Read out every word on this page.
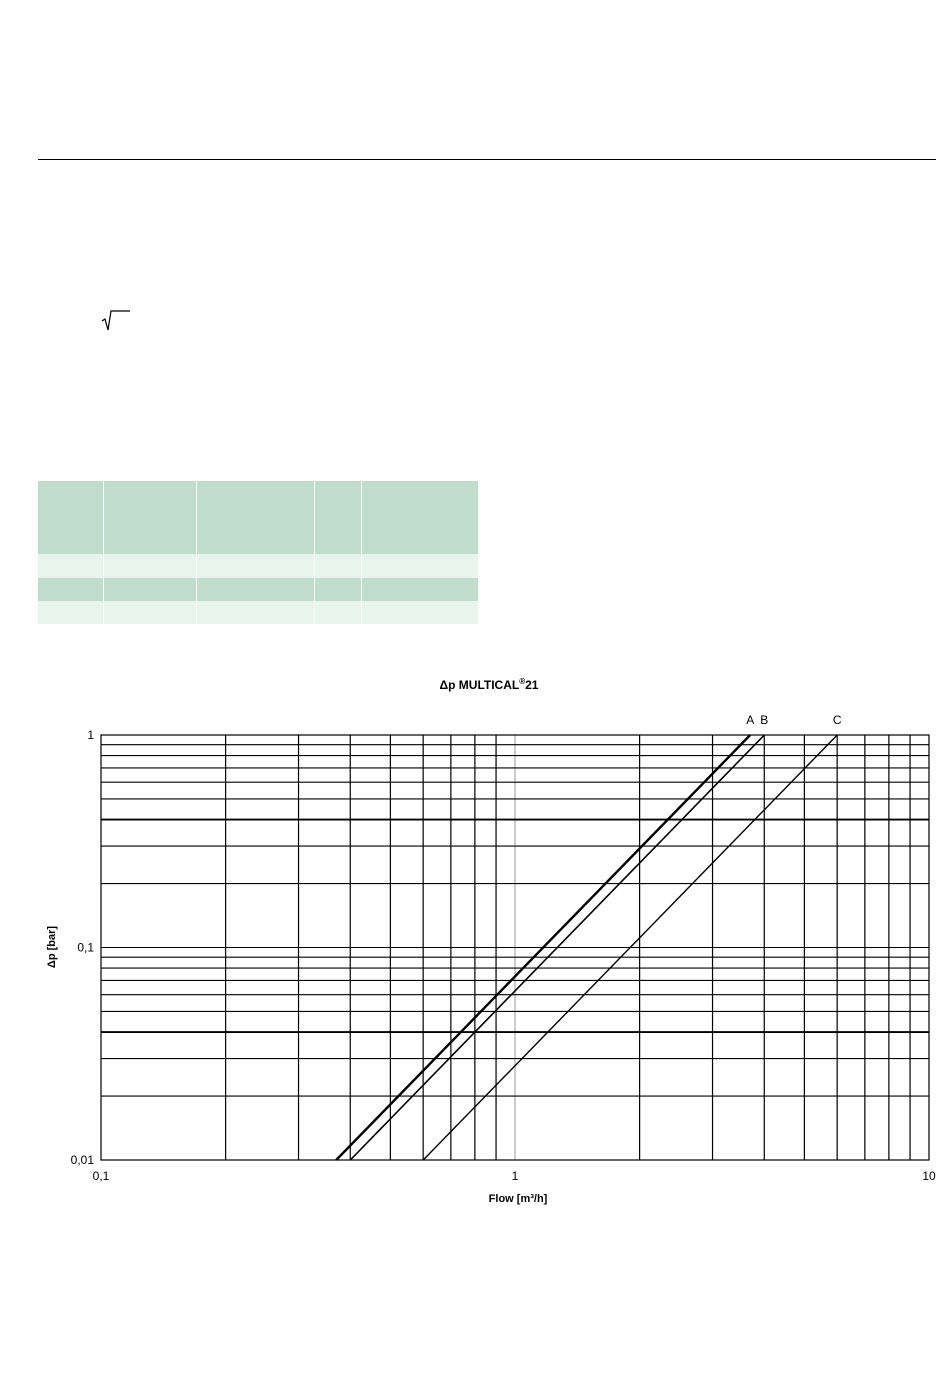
Δp MULTICAL®21
A B	C
0,1	1	10
0,01
0,1
1
Flow [m³/h]
Δp [bar]
